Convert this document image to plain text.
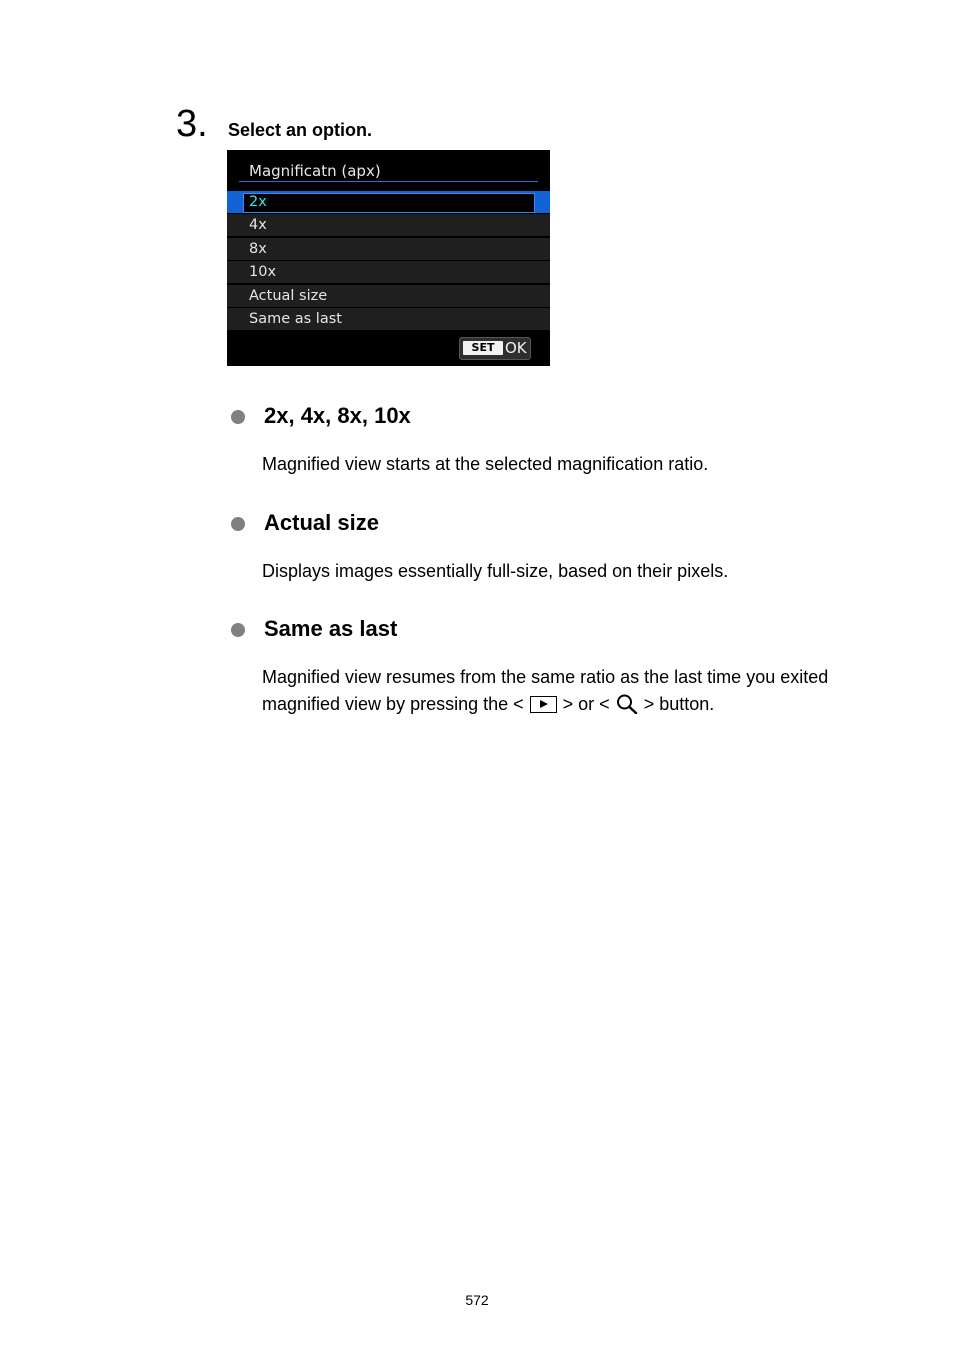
3. Select an option.
Magnificatn (apx)
2x
4x
8x
10x
Actual size
Same as last
SET OK
2x, 4x, 8x, 10x
Magnified view starts at the selected magnification ratio.
Actual size
Displays images essentially full-size, based on their pixels.
Same as last
Magnified view resumes from the same ratio as the last time you exited
magnified view by pressing the <  > or <  > button.
572
